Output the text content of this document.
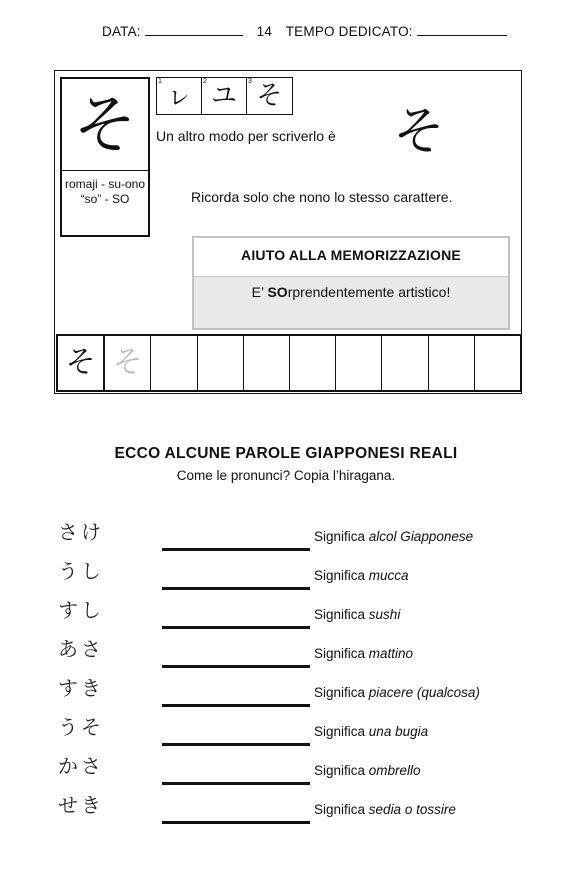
DATA:	14 TEMPO DEDICATO:
そ
romaji - su-ono “so” - SO
1 ㇾ	2 ユ	3 そ
Un altro modo per scriverlo è そ
Ricorda solo che nono lo stesso carattere.
AIUTO ALLA MEMORIZZAZIONE
E’ SOrprendentemente artistico!
そ そ
ECCO ALCUNE PAROLE GIAPPONESI REALI
Come le pronunci? Copia l’hiragana.
さけ	Significa alcol Giapponese
うし	Significa mucca
すし	Significa sushi
あさ	Significa mattino
すき	Significa piacere (qualcosa)
うそ	Significa una bugia
かさ	Significa ombrello
せき	Significa sedia o tossire
